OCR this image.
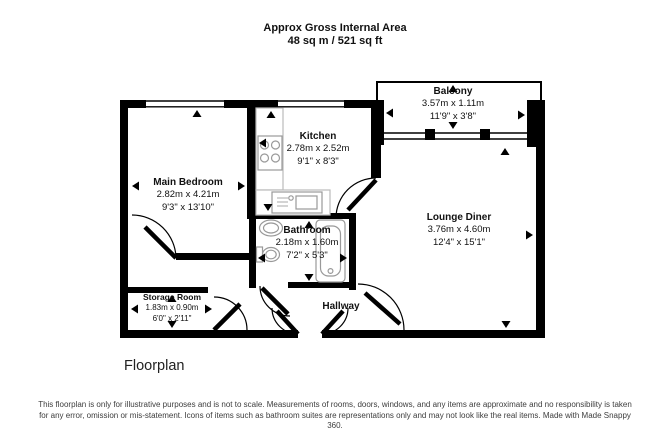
Approx Gross Internal Area
48 sq m / 521 sq ft
Main Bedroom
2.82m x 4.21m
9'3" x 13'10"
Kitchen
2.78m x 2.52m
9'1" x 8'3"
Balcony
3.57m x 1.11m
11'9" x 3'8"
Lounge Diner
3.76m x 4.60m
12'4" x 15'1"
Bathroom
2.18m x 1.60m
7'2" x 5'3"
Storage Room
1.83m x 0.90m
6'0" x 2'11"
Hallway
Floorplan
This floorplan is only for illustrative purposes and is not to scale. Measurements of rooms, doors, windows, and any items are approximate and no responsibility is taken for any error, omission or mis-statement. Icons of items such as bathroom suites are representations only and may not look like the real items. Made with Made Snappy 360.
